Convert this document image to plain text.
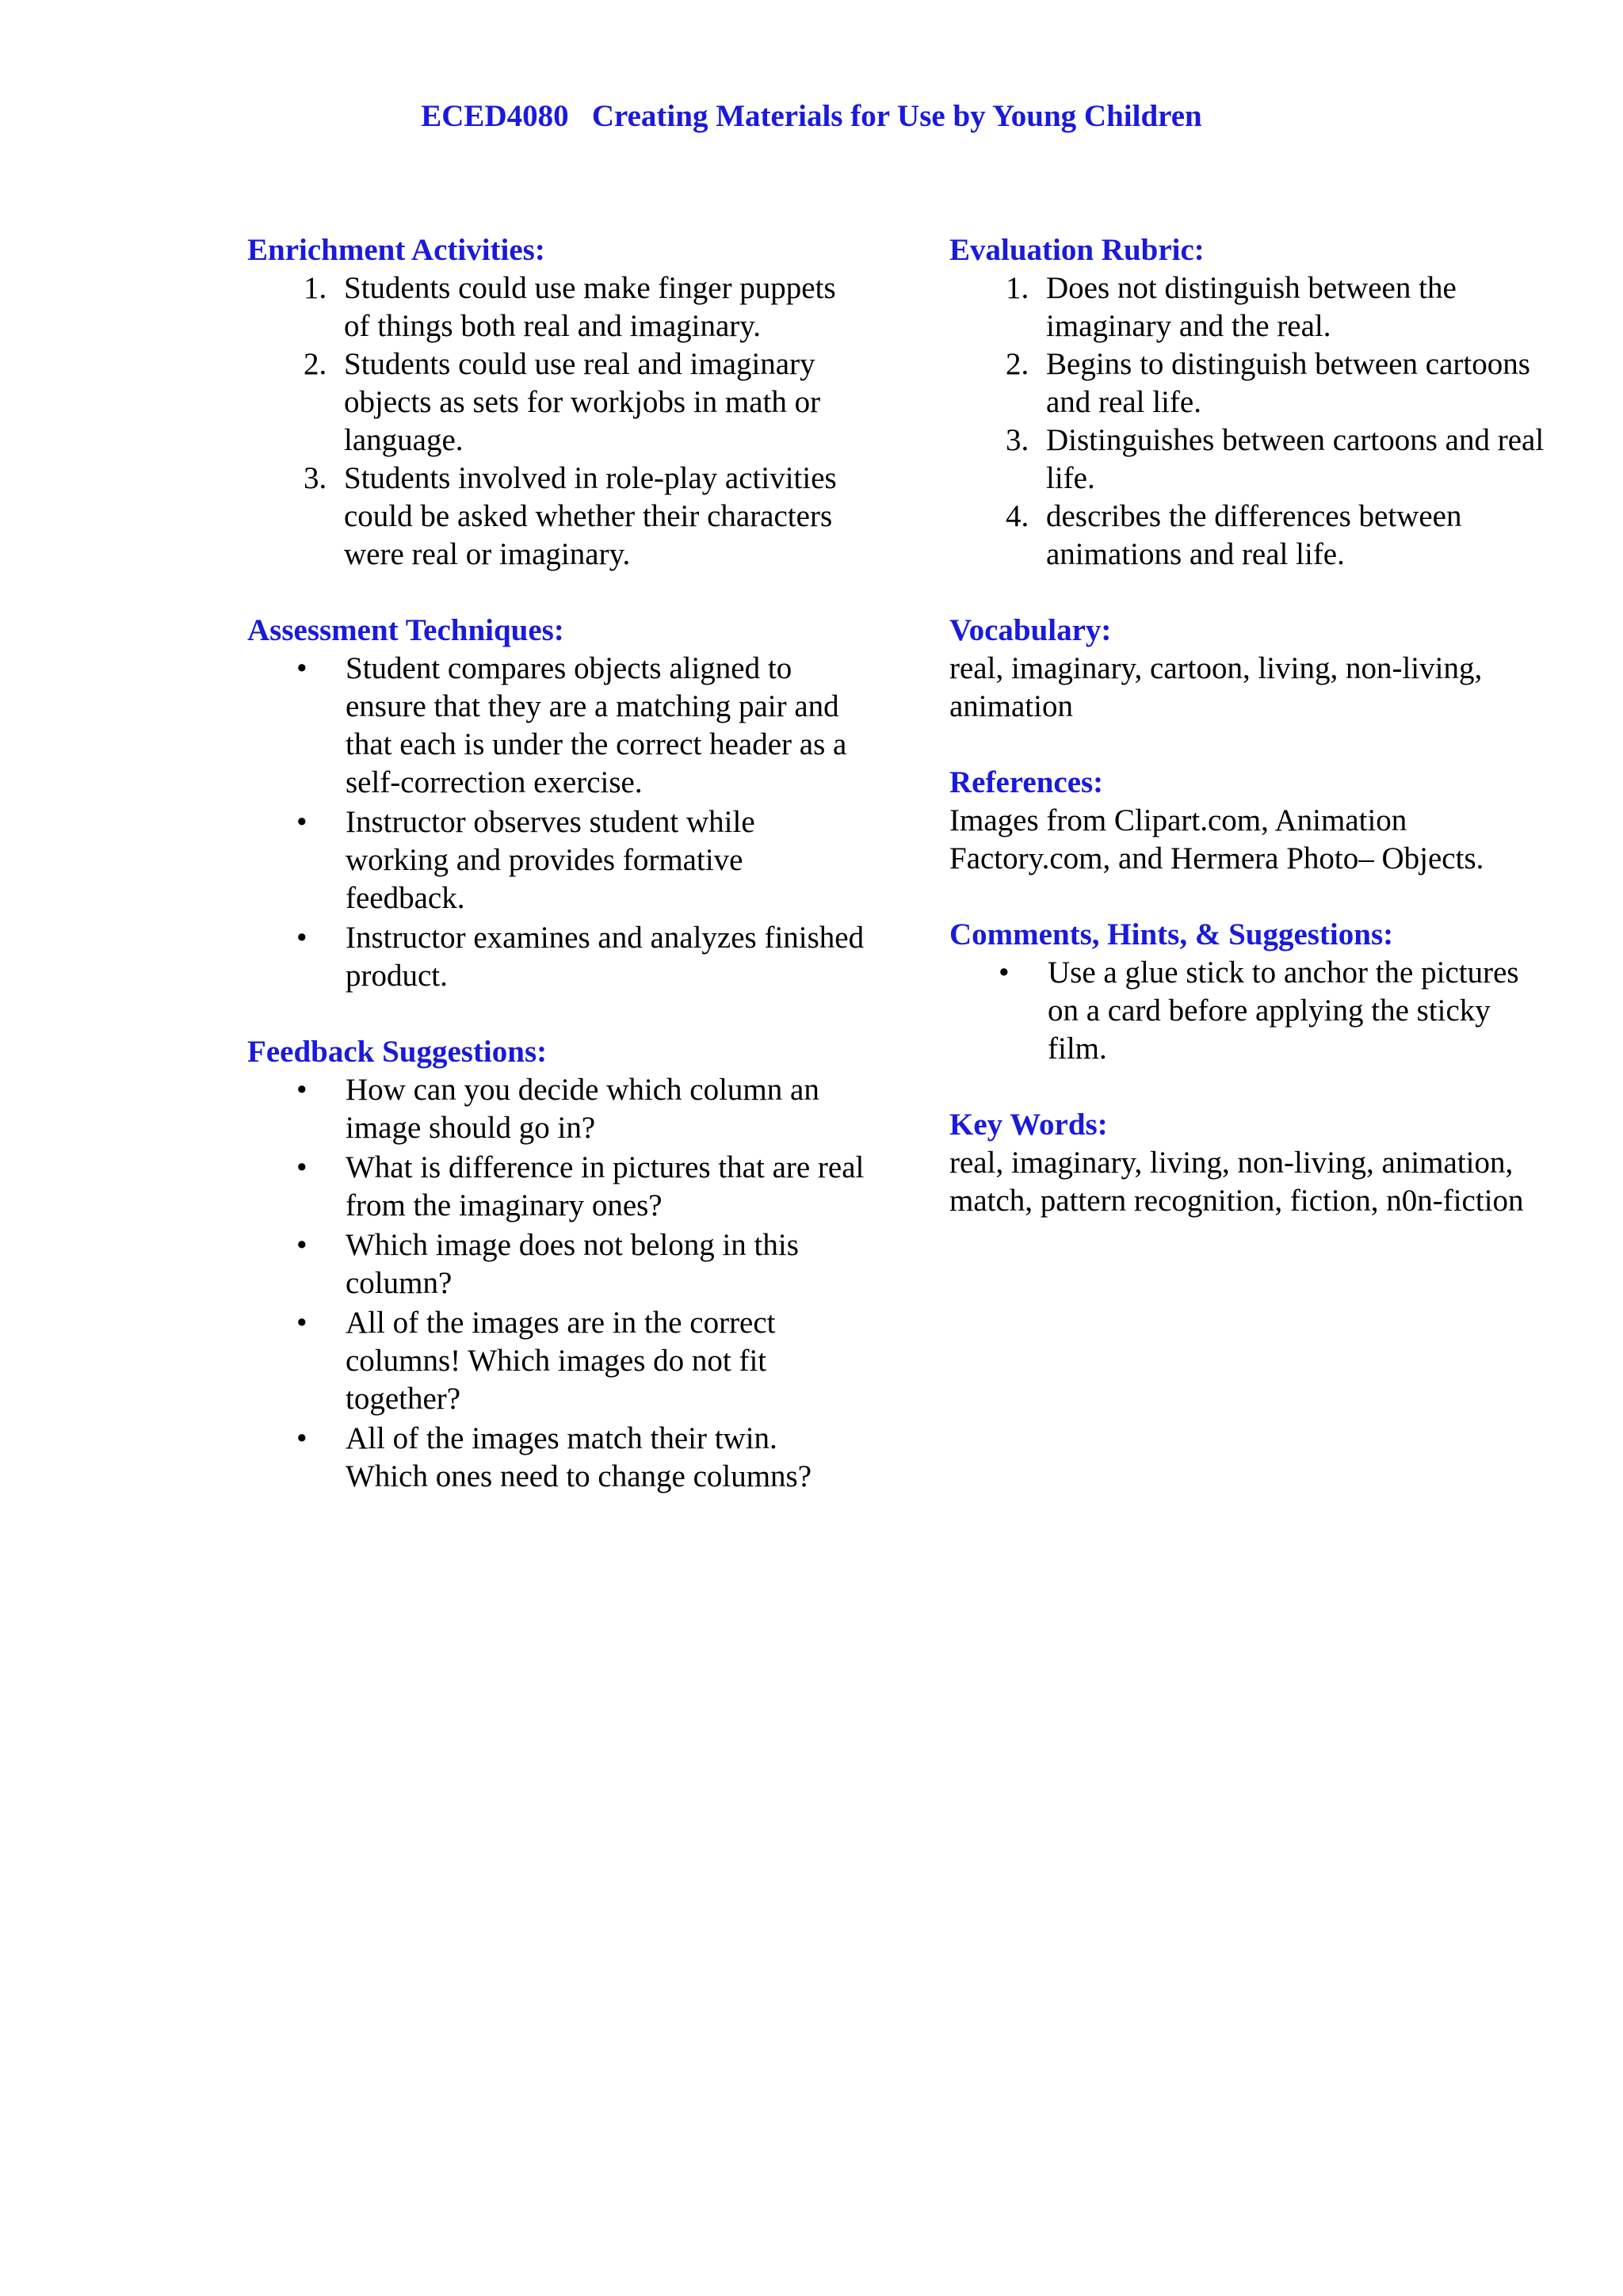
ECED4080   Creating Materials for Use by Young Children
Enrichment Activities:
1. Students could use make finger puppets of things both real and imaginary.
2. Students could use real and imaginary objects as sets for workjobs in math or language.
3. Students involved in role-play activities could be asked whether their characters were real or imaginary.
Assessment Techniques:
• Student compares objects aligned to ensure that they are a matching pair and that each is under the correct header as a self-correction exercise.
• Instructor observes student while working and provides formative feedback.
• Instructor examines and analyzes finished product.
Feedback Suggestions:
• How can you decide which column an image should go in?
• What is difference in pictures that are real from the imaginary ones?
• Which image does not belong in this column?
• All of the images are in the correct columns! Which images do not fit together?
• All of the images match their twin. Which ones need to change columns?
Evaluation Rubric:
1. Does not distinguish between the imaginary and the real.
2. Begins to distinguish between cartoons and real life.
3. Distinguishes between cartoons and real life.
4. describes the differences between animations and real life.
Vocabulary:

real, imaginary, cartoon, living, non-living, animation

References:

Images from Clipart.com, Animation Factory.com, and Hermera Photo– Objects.

Comments, Hints, & Suggestions:
• Use a glue stick to anchor the pictures on a card before applying the sticky film.
Key Words:

real, imaginary, living, non-living, animation, match, pattern recognition, fiction, n0n-fiction
